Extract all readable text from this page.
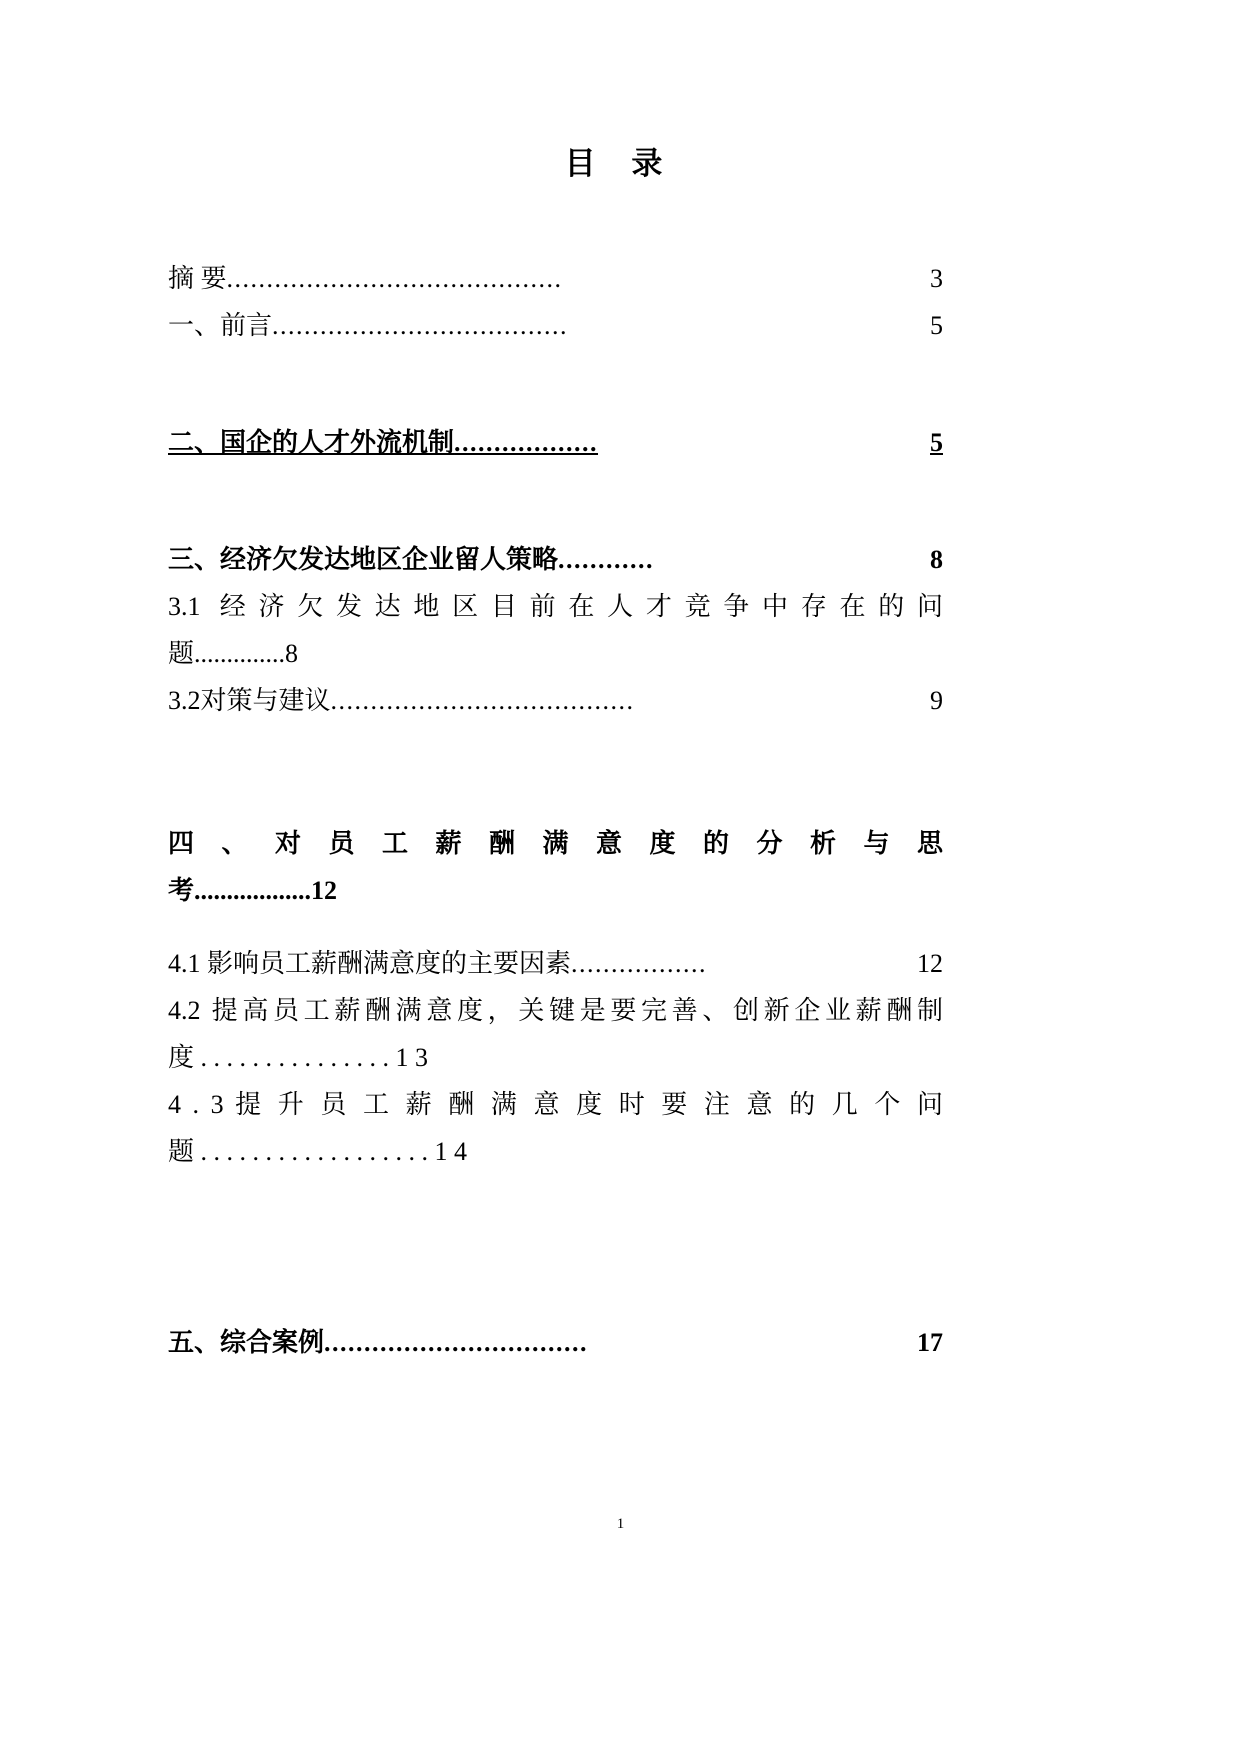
目 录
摘 要 ..........................................	3
一、前言 .....................................	5
二、国企的人才外流机制 ..................	5
三、经济欠发达地区企业留人策略 ............	8
3.1 经济欠发达地区目前在人才竞争中存在的问
题..............8
3.2对策与建议 ......................................	9
四 、 对 员 工 薪 酬 满 意 度 的 分 析 与 思
考..................12
4.1 影响员工薪酬满意度的主要因素 .................	12
4.2 提高员工薪酬满意度，关键是要完善、创新企业薪酬制
度 . . . . . . . . . . . . . . . 1 3
4 . 3 提 升 员 工 薪 酬 满 意 度 时 要 注 意 的 几 个 问
题 . . . . . . . . . . . . . . . . . . 1 4
五、综合案例 .................................	17
1
